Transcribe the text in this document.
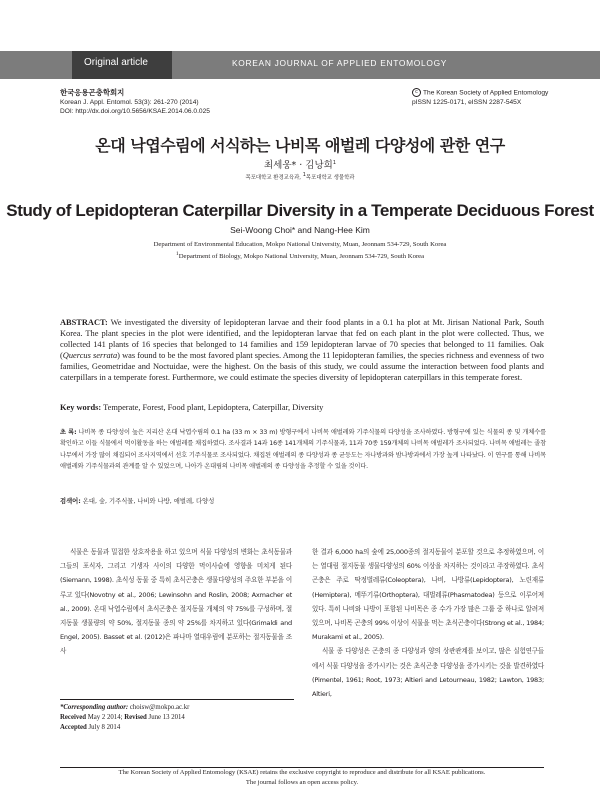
Original article	KOREAN JOURNAL OF APPLIED ENTOMOLOGY
한국응용곤충학회지
Korean J. Appl. Entomol. 53(3): 261-270 (2014)
DOI: http://dx.doi.org/10.5656/KSAE.2014.06.0.025
c The Korean Society of Applied Entomology
pISSN 1225-0171, eISSN 2287-545X
온대 낙엽수림에 서식하는 나비목 애벌레 다양성에 관한 연구
최세웅* · 김낭희$^1$
목포대학교 환경교육과, $^1$목포대학교 생물학과
Study of Lepidopteran Caterpillar Diversity in a Temperate Deciduous Forest
Sei-Woong Choi* and Nang-Hee Kim
Department of Environmental Education, Mokpo National University, Muan, Jeonnam 534-729, South Korea
$^1$Department of Biology, Mokpo National University, Muan, Jeonnam 534-729, South Korea
ABSTRACT: We investigated the diversity of lepidopteran larvae and their food plants in a 0.1 ha plot at Mt. Jirisan National Park, South Korea. The plant species in the plot were identified, and the lepidopteran larvae that fed on each plant in the plot were collected. Thus, we collected 141 plants of 16 species that belonged to 14 families and 159 lepidopteran larvae of 70 species that belonged to 11 families. Oak (Quercus serrata) was found to be the most favored plant species. Among the 11 lepidopteran families, the species richness and evenness of two families, Geometridae and Noctuidae, were the highest. On the basis of this study, we could assume the interaction between food plants and caterpillars in a temperate forest. Furthermore, we could estimate the species diversity of lepidopteran caterpillars in this temperate forest.
Key words: Temperate, Forest, Food plant, Lepidoptera, Caterpillar, Diversity
초 록: 나비목 종 다양성이 높은 지리산 온대 낙엽수림의 0.1 ha (33 m × 33 m) 방형구에서 나비목 애벌레와 기주식물의 다양성을 조사하였다. 방형구에 있는 식물의 종 및 개체수를 확인하고 이들 식물에서 먹이활동을 하는 애벌레를 채집하였다. 조사결과 14과 16종 141개체의 기주식물과, 11과 70종 159개체의 나비목 애벌레가 조사되었다. 나비목 애벌레는 졸참나무에서 가장 많이 채집되어 조사지역에서 선호 기주식물로 조사되었다. 채집된 애벌레의 종 다양성과 종 균등도는 자나방과와 밤나방과에서 가장 높게 나타났다. 이 연구를 통해 나비목 애벌레와 기주식물과의 관계를 알 수 있었으며, 나아가 온대림의 나비목 애벌레의 종 다양성을 추정할 수 있을 것이다.
검색어: 온대, 숲, 기주식물, 나비와 나방, 애벌레, 다양성
식물은 동물과 밀접한 상호작용을 하고 있으며 식물 다양성의 변화는 초식동물과 그들의 포식자, 그리고 기생자 사이의 다양한 먹이사슬에 영향을 미치게 된다(Siemann, 1998). 초식성 동물 중 특히 초식곤충은 생물다양성의 주요한 부분을 이루고 있다(Novotny et al., 2006; Lewinsohn and Roslin, 2008; Axmacher et al., 2009). 온대 낙엽수림에서 초식곤충은 절지동물 개체의 약 75%를 구성하며, 절지동물 생물량의 약 50%, 절지동물 종의 약 25%를 차지하고 있다(Grimaldi and Engel, 2005). Basset et al. (2012)은 파나마 열대우림에 분포하는 절지동물을 조사

한 결과 6,000 ha의 숲에 25,000종의 절지동물이 분포할 것으로 추정하였으며, 이는 열대림 절지동물 생물다양성의 60% 이상을 차지하는 것이라고 주장하였다. 초식곤충은 주로 딱정벌레류(Coleoptera), 나비, 나방류(Lepidoptera), 노린재류(Hemiptera), 메뚜기류(Orthoptera), 대벌레류(Phasmatodea) 등으로 이루어져 있다. 특히 나비와 나방이 포함된 나비목은 종 수가 가장 많은 그룹 중 하나로 알려져 있으며, 나비목 곤충의 99% 이상이 식물을 먹는 초식곤충이다(Strong et al., 1984; Murakami et al., 2005).

식물 종 다양성은 곤충의 종 다양성과 양의 상관관계를 보이고, 많은 실험연구들에서 식물 다양성을 증가시키는 것은 초식곤충 다양성을 증가시키는 것을 발견하였다(Pimentel, 1961; Root, 1973; Altieri and Letourneau, 1982; Lawton, 1983; Altieri,

*Corresponding author: choisw@mokpo.ac.kr
Received May 2 2014; Revised June 13 2014
Accepted July 8 2014
The Korean Society of Applied Entomology (KSAE) retains the exclusive copyright to reproduce and distribute for all KSAE publications.
The journal follows an open access policy.
